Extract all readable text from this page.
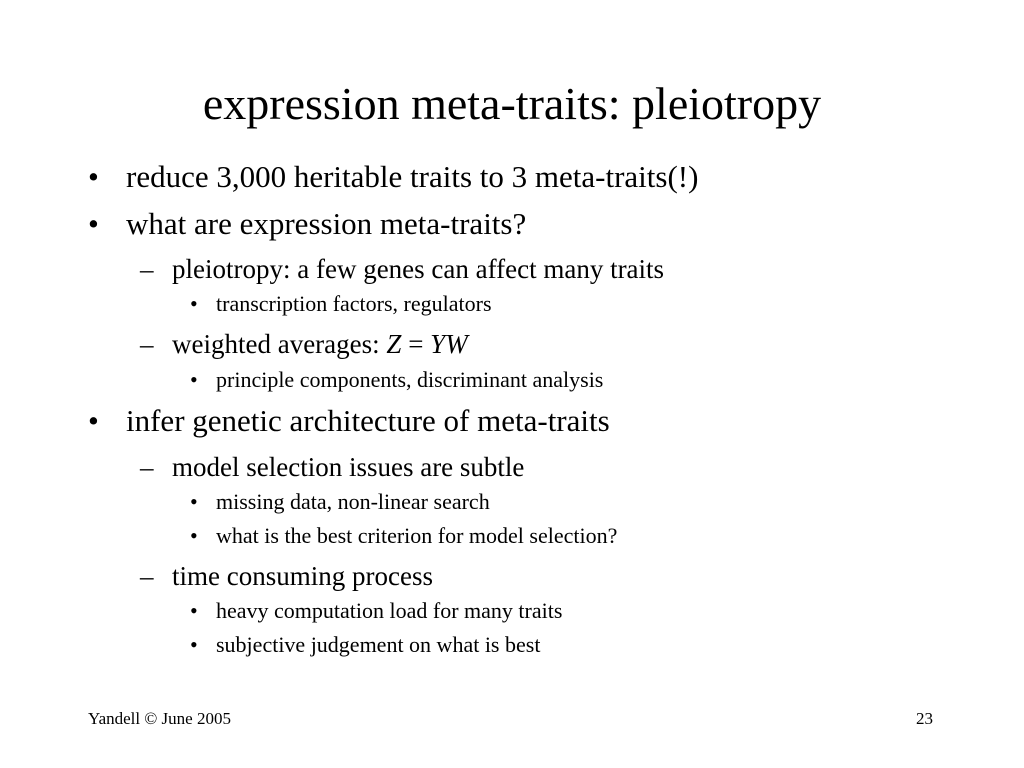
expression meta-traits: pleiotropy
• reduce 3,000 heritable traits to 3 meta-traits(!)
• what are expression meta-traits?
– pleiotropy: a few genes can affect many traits
• transcription factors, regulators
– weighted averages: Z = YW
• principle components, discriminant analysis
• infer genetic architecture of meta-traits
– model selection issues are subtle
• missing data, non-linear search
• what is the best criterion for model selection?
– time consuming process
• heavy computation load for many traits
• subjective judgement on what is best
Yandell © June 2005	23
